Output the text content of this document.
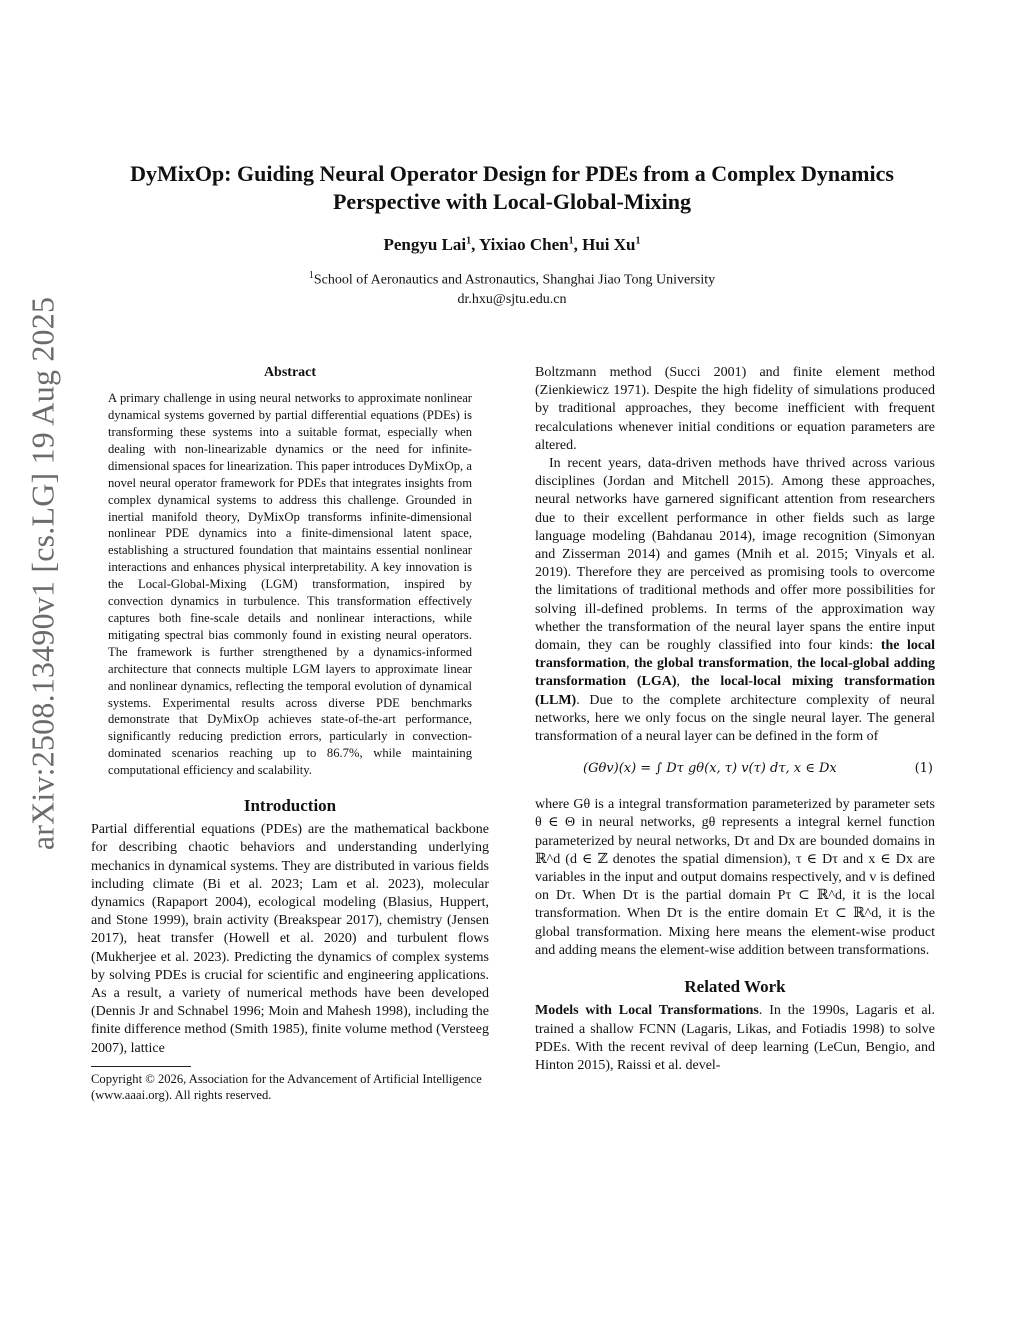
arXiv:2508.13490v1 [cs.LG] 19 Aug 2025
DyMixOp: Guiding Neural Operator Design for PDEs from a Complex Dynamics
Perspective with Local-Global-Mixing
Pengyu Lai$^1$, Yixiao Chen$^1$, Hui Xu$^1$
$^1$School of Aeronautics and Astronautics, Shanghai Jiao Tong University
dr.hxu@sjtu.edu.cn
Abstract

A primary challenge in using neural networks to approximate nonlinear dynamical systems governed by partial differential equations (PDEs) is transforming these systems into a suitable format, especially when dealing with non-linearizable dynamics or the need for infinite-dimensional spaces for linearization. This paper introduces DyMixOp, a novel neural operator framework for PDEs that integrates insights from complex dynamical systems to address this challenge. Grounded in inertial manifold theory, DyMixOp transforms infinite-dimensional nonlinear PDE dynamics into a finite-dimensional latent space, establishing a structured foundation that maintains essential nonlinear interactions and enhances physical interpretability. A key innovation is the Local-Global-Mixing (LGM) transformation, inspired by convection dynamics in turbulence. This transformation effectively captures both fine-scale details and nonlinear interactions, while mitigating spectral bias commonly found in existing neural operators. The framework is further strengthened by a dynamics-informed architecture that connects multiple LGM layers to approximate linear and nonlinear dynamics, reflecting the temporal evolution of dynamical systems. Experimental results across diverse PDE benchmarks demonstrate that DyMixOp achieves state-of-the-art performance, significantly reducing prediction errors, particularly in convection-dominated scenarios reaching up to 86.7%, while maintaining computational efficiency and scalability.

Introduction

Partial differential equations (PDEs) are the mathematical backbone for describing chaotic behaviors and understanding underlying mechanics in dynamical systems. They are distributed in various fields including climate (Bi et al. 2023; Lam et al. 2023), molecular dynamics (Rapaport 2004), ecological modeling (Blasius, Huppert, and Stone 1999), brain activity (Breakspear 2017), chemistry (Jensen 2017), heat transfer (Howell et al. 2020) and turbulent flows (Mukherjee et al. 2023). Predicting the dynamics of complex systems by solving PDEs is crucial for scientific and engineering applications. As a result, a variety of numerical methods have been developed (Dennis Jr and Schnabel 1996; Moin and Mahesh 1998), including the finite difference method (Smith 1985), finite volume method (Versteeg 2007), lattice

Copyright © 2026, Association for the Advancement of Artificial Intelligence (www.aaai.org). All rights reserved.

Boltzmann method (Succi 2001) and finite element method (Zienkiewicz 1971). Despite the high fidelity of simulations produced by traditional approaches, they become inefficient with frequent recalculations whenever initial conditions or equation parameters are altered.

In recent years, data-driven methods have thrived across various disciplines (Jordan and Mitchell 2015). Among these approaches, neural networks have garnered significant attention from researchers due to their excellent performance in other fields such as large language modeling (Bahdanau 2014), image recognition (Simonyan and Zisserman 2014) and games (Mnih et al. 2015; Vinyals et al. 2019). Therefore they are perceived as promising tools to overcome the limitations of traditional methods and offer more possibilities for solving ill-defined problems. In terms of the approximation way whether the transformation of the neural layer spans the entire input domain, they can be roughly classified into four kinds: the local transformation, the global transformation, the local-global adding transformation (LGA), the local-local mixing transformation (LLM). Due to the complete architecture complexity of neural networks, here we only focus on the single neural layer. The general transformation of a neural layer can be defined in the form of

(Gθv)(x) = ∫ Dτ gθ(x, τ) v(τ) dτ, x ∈ Dx	(1)

where Gθ is a integral transformation parameterized by parameter sets θ ∈ Θ in neural networks, gθ represents a integral kernel function parameterized by neural networks, Dτ and Dx are bounded domains in ℝ^d (d ∈ ℤ denotes the spatial dimension), τ ∈ Dτ and x ∈ Dx are variables in the input and output domains respectively, and v is defined on Dτ. When Dτ is the partial domain Pτ ⊂ ℝ^d, it is the local transformation. When Dτ is the entire domain Eτ ⊂ ℝ^d, it is the global transformation. Mixing here means the element-wise product and adding means the element-wise addition between transformations.

Related Work

Models with Local Transformations. In the 1990s, Lagaris et al. trained a shallow FCNN (Lagaris, Likas, and Fotiadis 1998) to solve PDEs. With the recent revival of deep learning (LeCun, Bengio, and Hinton 2015), Raissi et al. devel-
